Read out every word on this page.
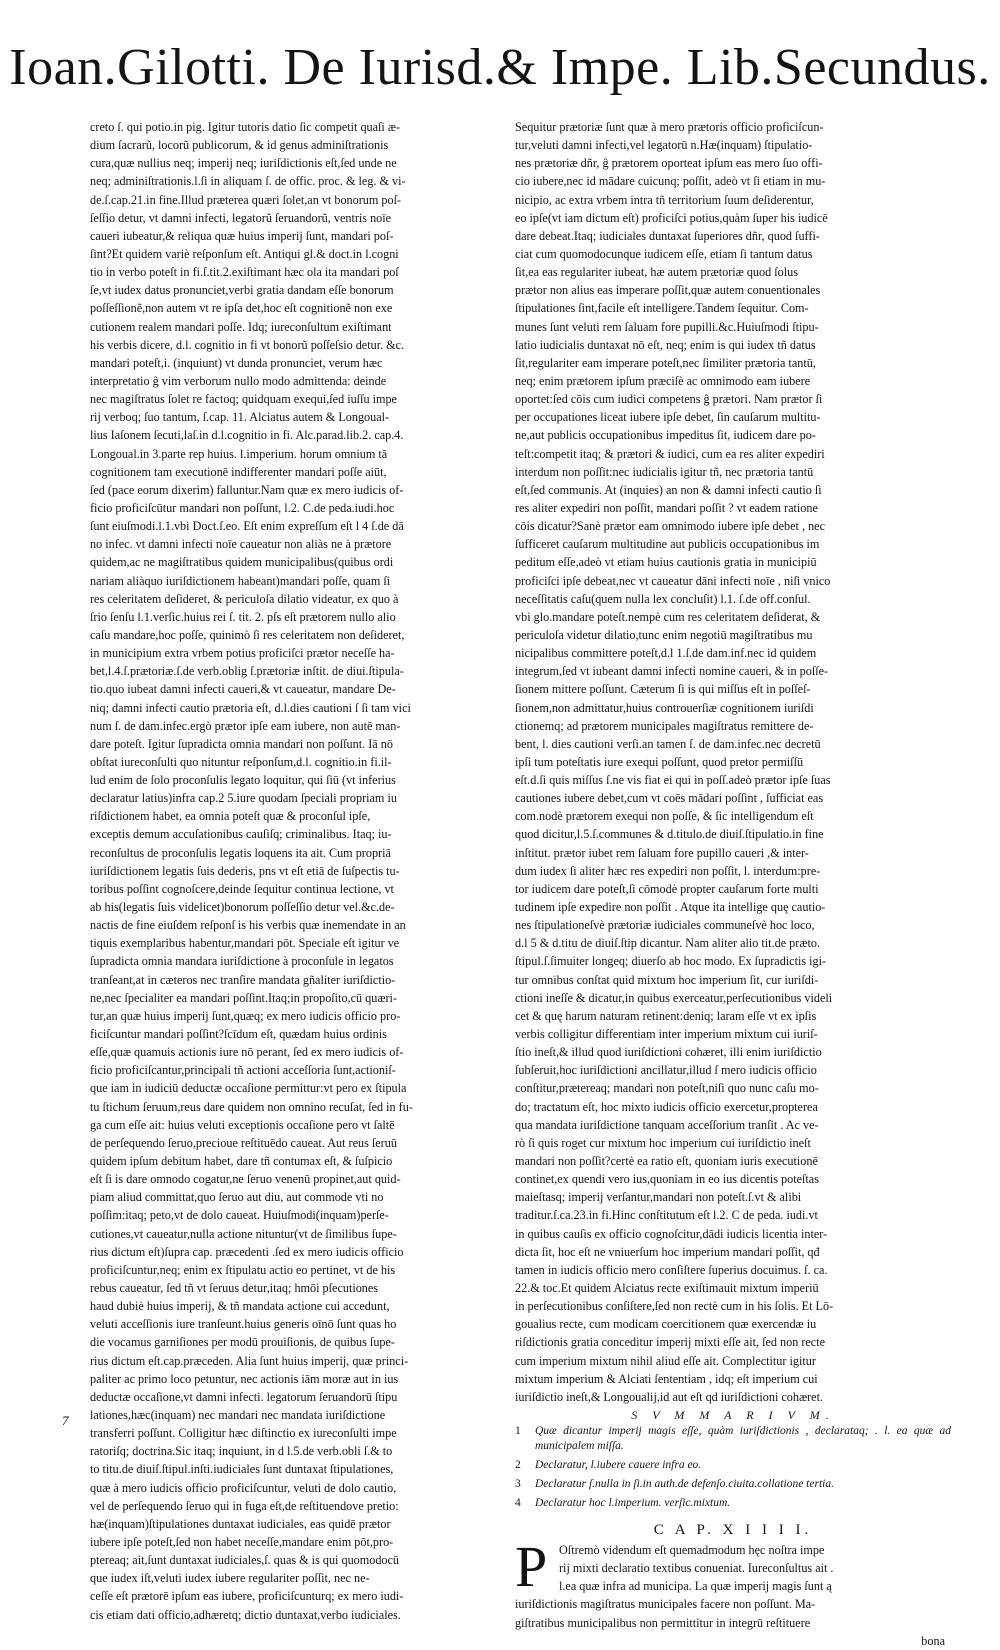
Ioan.Gilotti. De Iurisd.& Impe. Lib.Secundus.
creto ſ. qui potio.in pig. Igitur tutoris datio ſic competit quaſi æ-
dium ſacrarũ, locorũ publicorum, & id genus adminiſtrationis
cura,quæ nullius neq; imperij neq; iuriſdictionis eſt,ſed unde ne
neq; adminiſtrationis.l.ſi in aliquam ſ. de offic. proc. & leg. & vi-
de.ſ.cap.21.in fine.Illud præterea quæri ſolet,an vt bonorum poſ-
ſeſſio detur, vt damni infecti, legatorũ ſeruandorũ, ventris noīe
caueri iubeatur,& reliqua quæ huius imperij ſunt, mandari poſ-
ſint?Et quidem variè reſponſum eſt. Antiqui gl.& doct.in l.cogni
tio in verbo poteſt in fi.ſ.tit.2.exiſtimant hæc ola ita mandari poſ
ſe,vt iudex datus pronunciet,verbi gratia dandam eſſe bonorum
poſſeſſionẽ,non autem vt re ipſa det,hoc eſt cognitionẽ non exe
cutionem realem mandari poſſe. Idq; iureconſultum exiſtimant
his verbis dicere, d.l. cognitio in fi vt bonorũ poſſeſsio detur. &c.
mandari poteſt,i. (inquiunt) vt dunda pronunciet, verum hæc
interpretatio ĝ vim verborum nullo modo admittenda: deinde
nec magiſtratus ſolet re factoq; quidquam exequi,ſed iuſſu impe
rij verboq; ſuo tantum, ſ.cap. 11. Alciatus autem & Longoual-
lius Iaſonem ſecuti,laſ.in d.l.cognitio in fi. Alc.parad.lib.2. cap.4.
Longoual.in 3.parte rep huius. l.imperium. horum omnium tā
cognitionem tam executionē indifferenter mandari poſſe aiūt,
ſed (pace eorum dixerim) falluntur.Nam quæ ex mero iudicis of-
ficio proficiſcūtur mandari non poſſunt, l.2. C.de peda.iudi.hoc
ſunt eiuſmodi.l.1.vbi Doct.ſ.eo. Eſt enim expreſſum eſt l 4 ſ.de dā
no infec. vt damni infecti noīe caueatur non aliàs ne à prætore
quidem,ac ne magiſtratibus quidem municipalibus(quibus ordi
nariam aliàquo iuriſdictionem habeant)mandari poſſe, quam ſi
res celeritatem deſideret, & periculoſa dilatio videatur, ex quo à
ſrio ſenſu l.1.verſic.huius rei ſ. tit. 2. pſs eſt prætorem nullo alio
caſu mandare,hoc poſſe, quinimò ſi res celeritatem non deſideret,
in municipium extra vrbem potius proficiſci prætor neceſſe ha-
bet,l.4.ſ.prætoriæ.ſ.de verb.oblig ſ.prætoriæ inſtit. de diui.ſtipula-
tio.quo iubeat damni infecti caueri,& vt caueatur, mandare De-
niq; damni infecti cautio prætoria eſt, d.l.dies cautioni ſ ſi tam vici
num ſ. de dam.infec.ergò prætor ipſe eam iubere, non autē man-
dare poteſt. Igitur ſupradicta omnia mandari non poſſunt. Iā nō
obſtat iureconſulti quo nituntur reſponſum,d.l. cognitio.in fi.il-
lud enim de ſolo proconſulis legato loquitur, qui ſiū (vt inferius
declaratur latius)infra cap.2 5.iure quodam ſpeciali propriam iu
riſdictionem habet, ea omnia poteſt quæ & proconſul ipſe,
exceptis demum accuſationibus cauſiſq; criminalibus. Itaq; iu-
reconſultus de proconſulis legatis loquens ita ait. Cum propriā
iuriſdictionem legatis ſuis dederis, pns vt eſt etiā de ſuſpectis tu-
toribus poſſint cognoſcere,deinde ſequitur continua lectione, vt
ab his(legatis ſuis videlicet)bonorum poſſeſſio detur vel.&c.de-
nactis de fine eiuſdem reſponſ is his verbis quæ inemendate in an
tiquis exemplaribus habentur,mandari pōt. Speciale eſt igitur ve
ſupradicta omnia mandara iuriſdictione à proconſule in legatos
tranſeant,at in cæteros nec tranſire mandata gñaliter iuriſdictio-
ne,nec ſpecialiter ea mandari poſſint.Itaq;in propoſito,cū quæri-
tur,an quæ huius imperij ſunt,quæq; ex mero iudicis officio pro-
ficiſcuntur mandari poſſint?ſcīdum eſt, quædam huius ordinis
eſſe,quæ quamuis actionis iure nō perant, ſed ex mero iudicis of-
ficio proficiſcantur,principali tñ actioni acceſſoria ſunt,actioniſ-
que iam in iudiciū deductæ occaſione permittur:vt pero ex ſtipula
tu ſtichum ſeruum,reus dare quidem non omnino recuſat, ſed in fu-
ga cum eſſe ait: huius veluti exceptionis occaſione pero vt ſaltē
de perſequendo ſeruo,precioue reſtituēdo caueat. Aut reus ſeruū
quidem ipſum debitum habet, dare tñ contumax eſt, & ſuſpicio
eſt ſi is dare omnodo cogatur,ne ſeruo venenū propinet,aut quid-
piam aliud committat,quo ſeruo aut diu, aut commode vti no
poſſim:itaq; peto,vt de dolo caueat. Huiuſmodi(inquam)perſe-
cutiones,vt caueatur,nulla actione nituntur(vt de ſimilibus ſupe-
rius dictum eſt)ſupra cap. præcedenti .ſed ex mero iudicis officio
proficiſcuntur,neq; enim ex ſtipulatu actio eo pertinet, vt de his
rebus caueatur, ſed tñ vt ſeruus detur,itaq; hmōi pſecutiones
haud dubiè huius imperij, & tñ mandata actione cui accedunt,
veluti acceſſionis iure tranſeunt.huius generis oīnō ſunt quas ho
die vocamus garniſiones per modū prouiſionis, de quibus ſupe-
rius dictum eſt.cap.præceden. Alia ſunt huius imperij, quæ princi-
paliter ac primo loco petuntur, nec actionis iām moræ aut in ius
deductæ occaſione,vt damni infecti. legatorum ſeruandorū ſtipu
lationes,hæc(inquam) nec mandari nec mandata iuriſdictione
transferri poſſunt. Colligitur hæc diſtinctio ex iureconſulti impe
ratoriſq; doctrina.Sic itaq; inquiunt, in d l.5.de verb.obli ſ.& to
to titu.de diuiſ.ſtipul.inſti.iudiciales ſunt duntaxat ſtipulationes,
quæ à mero iudicis officio proficiſcuntur, veluti de dolo cautio,
vel de perſequendo ſeruo qui in fuga eſt,de reſtituendove pretio:
hæ(inquam)ſtipulationes duntaxat iudiciales, eas quidē prætor
iubere ipſe poteſt,ſed non habet neceſſe,mandare enim pōt,pro-
ptereaq; ait,ſunt duntaxat iudiciales,ſ. quas & is qui quomodocū
que iudex iſt,veluti iudex iubere regulariter poſſit, nec ne-
ceſſe eſt prætorē ipſum eas iubere, proficiſcunturq; ex mero iudi-
cis etiam dati officio,adhæretq; dictio duntaxat,verbo iudiciales.
7
Sequitur prætoriæ ſunt quæ à mero prætoris officio proficiſcun-
tur,veluti damni infecti,vel legatorū n.Hæ(inquam) ſtipulatio-
nes prætoriæ dñr, ĝ prætorem oporteat ipſum eas mero ſuo offi-
cio iubere,nec id mādare cuicunq; poſſit, adeò vt ſi etiam in mu-
nicipio, ac extra vrbem intra tñ territorium ſuum deſiderentur,
eo ipſe(vt iam dictum eſt) proficiſci potius,quàm ſuper his iudicē
dare debeat.Itaq; iudiciales duntaxat ſuperiores dñr, quod ſuffi-
ciat cum quomodocunque iudicem eſſe, etiam ſi tantum datus
ſit,ea eas regulariter iubeat, hæ autem prætoriæ quod ſolus
prætor non alius eas imperare poſſit,quæ autem conuentionales
ſtipulationes ſint,facile eſt intelligere.Tandem ſequitur. Com-
munes ſunt veluti rem ſaluam fore pupilli.&c.Huiuſmodi ſtipu-
latio iudicialis duntaxat nō eſt, neq; enim is qui iudex tñ datus
ſit,regulariter eam imperare poteſt,nec ſimiliter prætoria tantū,
neq; enim prætorem ipſum præciſè ac omnimodo eam iubere
oportet:ſed cōis cum iudici competens ĝ prætori. Nam prætor ſi
per occupationes liceat iubere ipſe debet, ſin cauſarum multitu-
ne,aut publicis occupationibus impeditus ſit, iudicem dare po-
teſt:competit itaq; & prætori & iudici, cum ea res aliter expediri
interdum non poſſit:nec iudicialis igitur tñ, nec prætoria tantū
eſt,ſed communis. At (inquies) an non & damni infecti cautio ſi
res aliter expediri non poſſit, mandari poſſit ? vt eadem ratione
cōis dicatur?Sanè prætor eam omnimodo iubere ipſe debet , nec
ſufficeret cauſarum multitudine aut publicis occupationibus im
peditum eſſe,adeò vt etiam huius cautionis gratia in municipiū
proficiſci ipſe debeat,nec vt caueatur dāni infecti noīe , niſi vnico
neceſſitatis caſu(quem nulla lex concluſit) l.1. ſ.de off.conſul.
vbi glo.mandare poteſt.nempè cum res celeritatem deſiderat, &
periculoſa videtur dilatio,tunc enim negotiū magiſtratibus mu
nicipalibus committere poteſt,d.l 1.ſ.de dam.inf.nec id quidem
integrum,ſed vt iubeant damni infecti nomine caueri, & in poſſe-
ſionem mittere poſſunt. Cæterum ſi is qui miſſus eſt in poſſeſ-
ſionem,non admittatur,huius controuerſiæ cognitionem iuriſdi
ctionemq; ad prætorem municipales magiſtratus remittere de-
bent, l. dies cautioni verſi.an tamen ſ. de dam.infec.nec decretū
ipſi tum poteſtatis iure exequi poſſunt, quod pretor permiſſū
eſt.d.ſi quis miſſus ſ.ne vis fiat ei qui in poſſ.adeò prætor ipſe ſuas
cautiones iubere debet,cum vt coēs mādari poſſint , ſufficiat eas
com.nodè prætorem exequi non poſſe, & ſic intelligendum eſt
quod dicitur,l.5.ſ.communes & d.titulo.de diuiſ.ſtipulatio.in fine
inſtitut. prætor iubet rem ſaluam fore pupillo caueri ,& inter-
dum iudex ſi aliter hæc res expediri non poſſit, l. interdum:pre-
tor iudicem dare poteſt,ſi cōmodè propter cauſarum forte multi
tudinem ipſe expedire non poſſit . Atque ita intellige quę cautio-
nes ſtipulationeſvè prætoriæ iudiciales communeſvè hoc loco,
d.l 5 & d.titu de diuiſ.ſtip dicantur. Nam aliter alio tit.de præto.
ſtipul.ſ.ſimuiter longeq; diuerſo ab hoc modo. Ex ſupradictis igi-
tur omnibus conſtat quid mixtum hoc imperium ſit, cur iuriſdi-
ctioni ineſſe & dicatur,in quibus exerceatur,perſecutionibus videli
cet & quę harum naturam retinent:deniq; laram eſſe vt ex ipſis
verbis colligitur differentiam inter imperium mixtum cui iuriſ-
ſtio ineſt,& illud quod iuriſdictioni cohæret, illi enim iuriſdictio
ſubſeruit,hoc iuriſdictioni ancillatur,illud ſ mero iudicis officio
conſtitur,prætereaq; mandari non poteſt,niſi quo nunc caſu mo-
do; tractatum eſt, hoc mixto iudicis officio exercetur,propterea
qua mandata iuriſdictione tanquam acceſſorium tranſit . Ac ve-
rò ſi quis roget cur mixtum hoc imperium cui iuriſdictio ineſt
mandari non poſſit?certè ea ratio eſt, quoniam iuris executionē
continet,ex quendi vero ius,quoniam in eo ius dicentis poteſtas
maieſtasq; imperij verſantur,mandari non poteſt.ſ.vt & alibi
traditur.ſ.ca.23.in fi.Hinc conſtitutum eſt l.2. C de peda. iudi.vt
in quibus cauſis ex officio cognoſcitur,dādi iudicis licentia inter-
dicta ſit, hoc eſt ne vniuerſum hoc imperium mandari poſſit, qđ
tamen in iudicis officio mero conſiſtere ſuperius docuimus. ſ. ca.
22.& toc.Et quidem Alciatus recte exiſtimauit mixtum imperiū
in perſecutionibus conſiſtere,ſed non rectè cum in his ſolis. Et Lō-
goualius recte, cum modicam coercitionem quæ exercendæ iu
riſdictionis gratia conceditur imperij mixti eſſe ait, ſed non recte
cum imperium mixtum nihil aliud eſſe ait. Complectitur igitur
mixtum imperium & Alciati ſententiam , idq; eſt imperium cui
iuriſdictio ineſt,& Longoualij,id aut eſt qd iuriſdictioni cohæret.
S V M M A R I V M.
1 Quæ dicantur imperij magis eſſe, quàm iuriſdictionis , declarataq; . l. ea quæ ad municipalem miſſa.
2 Declaratur, l.iubere cauere infra eo.
3 Declaratur ſ.nulla in ſi.in auth.de defenſo.ciuita.collatione tertia.
4 Declaratur hoc l.imperium. verſic.mixtum.
C A P. X I I I I.
P Oſtremò videndum eſt quemadmodum hęc noſtra impe
rij mixti declaratio textibus conueniat. Iureconſultus ait .
l.ea quæ infra ad municipa. La quæ imperij magis ſunt ą
iuriſdictionis magiſtratus municipales facere non poſſunt. Ma-
giſtratibus municipalibus non permittitur in integrū reſtituere
bona
